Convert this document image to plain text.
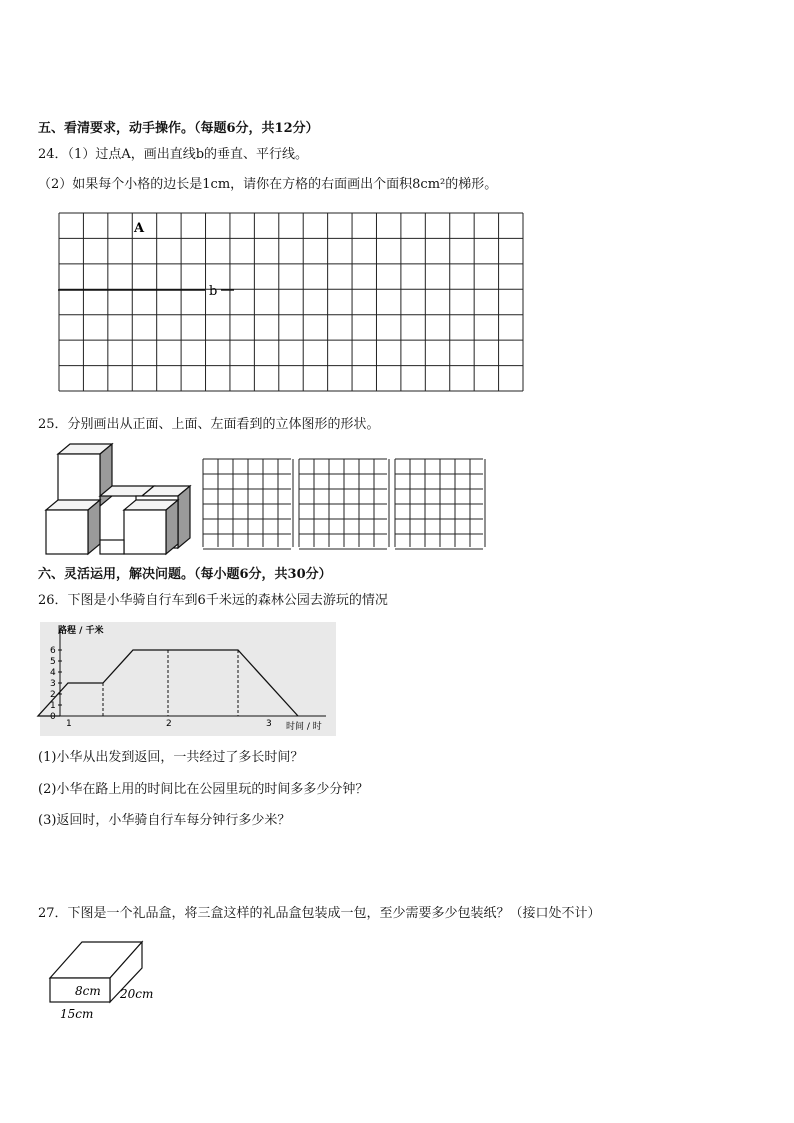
五、看清要求，动手操作。（每题6分，共12分）
24．（1）过点A，画出直线b的垂直、平行线。
（2）如果每个小格的边长是1cm，请你在方格的右面画出个面积8cm²的梯形。
A
b
25．分别画出从正面、上面、左面看到的立体图形的形状。
六、灵活运用，解决问题。（每小题6分，共30分）
26．下图是小华骑自行车到6千米远的森林公园去游玩的情况
0
1
2
3
4
5
6
1	2	3
路程 / 千米
时间 / 时
(1)小华从出发到返回，一共经过了多长时间？
(2)小华在路上用的时间比在公园里玩的时间多多少分钟？
(3)返回时，小华骑自行车每分钟行多少米？
27．下图是一个礼品盒，将三盒这样的礼品盒包装成一包，至少需要多少包装纸？（接口处不计）
8cm 20cm
15cm
